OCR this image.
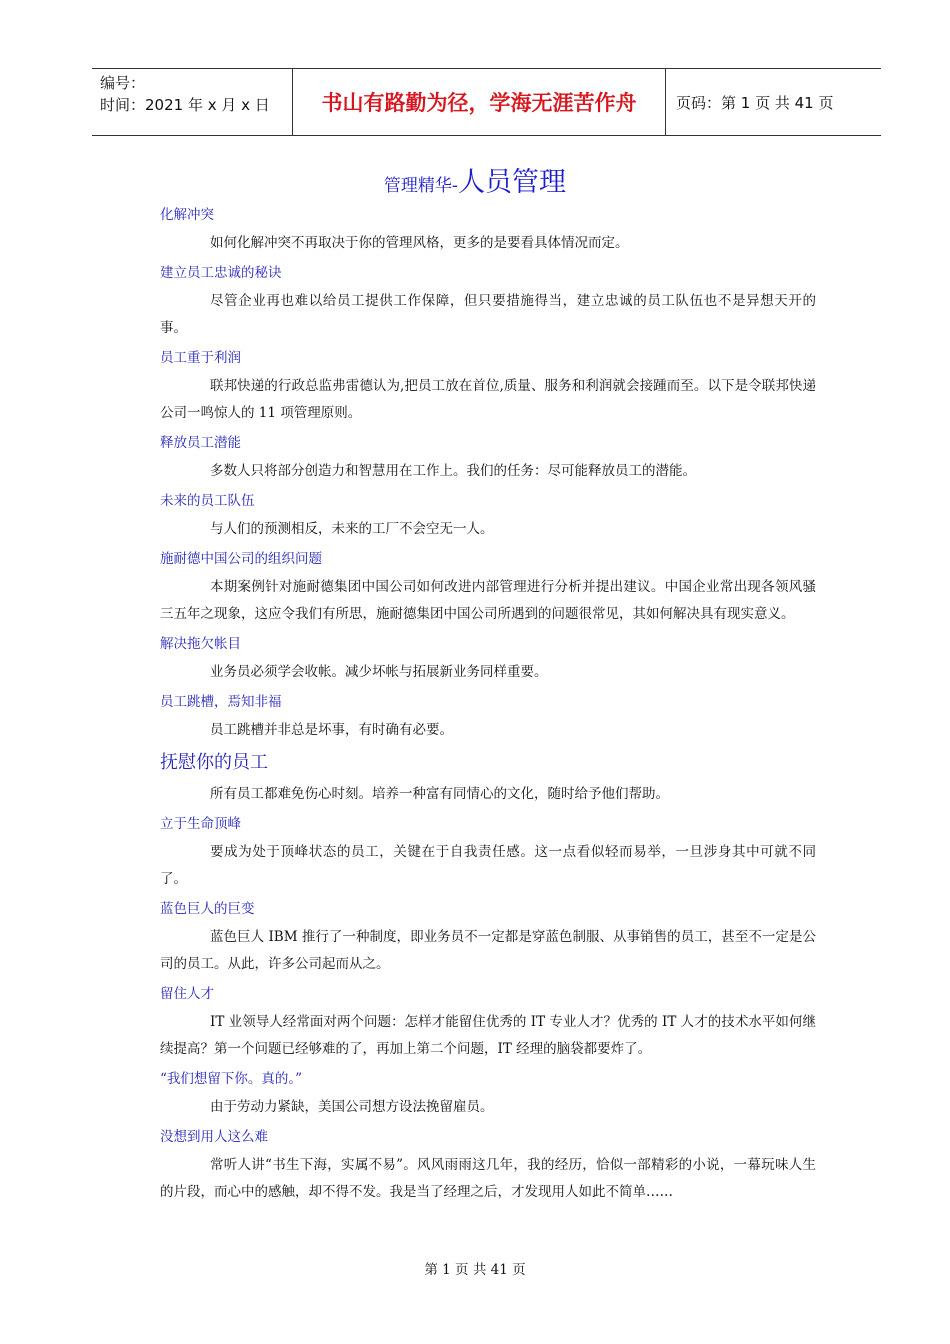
编号：
时间：2021 年 x 月 x 日	书山有路勤为径，学海无涯苦作舟	页码：第 1 页 共 41 页
管理精华-人员管理
化解冲突
如何化解冲突不再取决于你的管理风格，更多的是要看具体情况而定。
建立员工忠诚的秘诀
尽管企业再也难以给员工提供工作保障，但只要措施得当，建立忠诚的员工队伍也不是异想天开的事。
员工重于利润
联邦快递的行政总监弗雷德认为,把员工放在首位,质量、服务和利润就会接踵而至。以下是令联邦快递公司一鸣惊人的 11 项管理原则。
释放员工潜能
多数人只将部分创造力和智慧用在工作上。我们的任务：尽可能释放员工的潜能。
未来的员工队伍
与人们的预测相反，未来的工厂不会空无一人。
施耐德中国公司的组织问题
本期案例针对施耐德集团中国公司如何改进内部管理进行分析并提出建议。中国企业常出现各领风骚三五年之现象，这应令我们有所思，施耐德集团中国公司所遇到的问题很常见，其如何解决具有现实意义。
解决拖欠帐目
业务员必须学会收帐。减少坏帐与拓展新业务同样重要。
员工跳槽，焉知非福
员工跳槽并非总是坏事，有时确有必要。
抚慰你的员工
所有员工都难免伤心时刻。培养一种富有同情心的文化，随时给予他们帮助。
立于生命顶峰
要成为处于顶峰状态的员工，关键在于自我责任感。这一点看似轻而易举，一旦涉身其中可就不同了。
蓝色巨人的巨变
蓝色巨人 IBM 推行了一种制度，即业务员不一定都是穿蓝色制服、从事销售的员工，甚至不一定是公司的员工。从此，许多公司起而从之。
留住人才
IT 业领导人经常面对两个问题：怎样才能留住优秀的 IT 专业人才？优秀的 IT 人才的技术水平如何继续提高？第一个问题已经够难的了，再加上第二个问题，IT 经理的脑袋都要炸了。
“我们想留下你。真的。”
由于劳动力紧缺，美国公司想方设法挽留雇员。
没想到用人这么难
常听人讲“书生下海，实属不易”。风风雨雨这几年，我的经历，恰似一部精彩的小说，一幕玩味人生的片段，而心中的感触，却不得不发。我是当了经理之后，才发现用人如此不简单……
第 1 页 共 41 页
